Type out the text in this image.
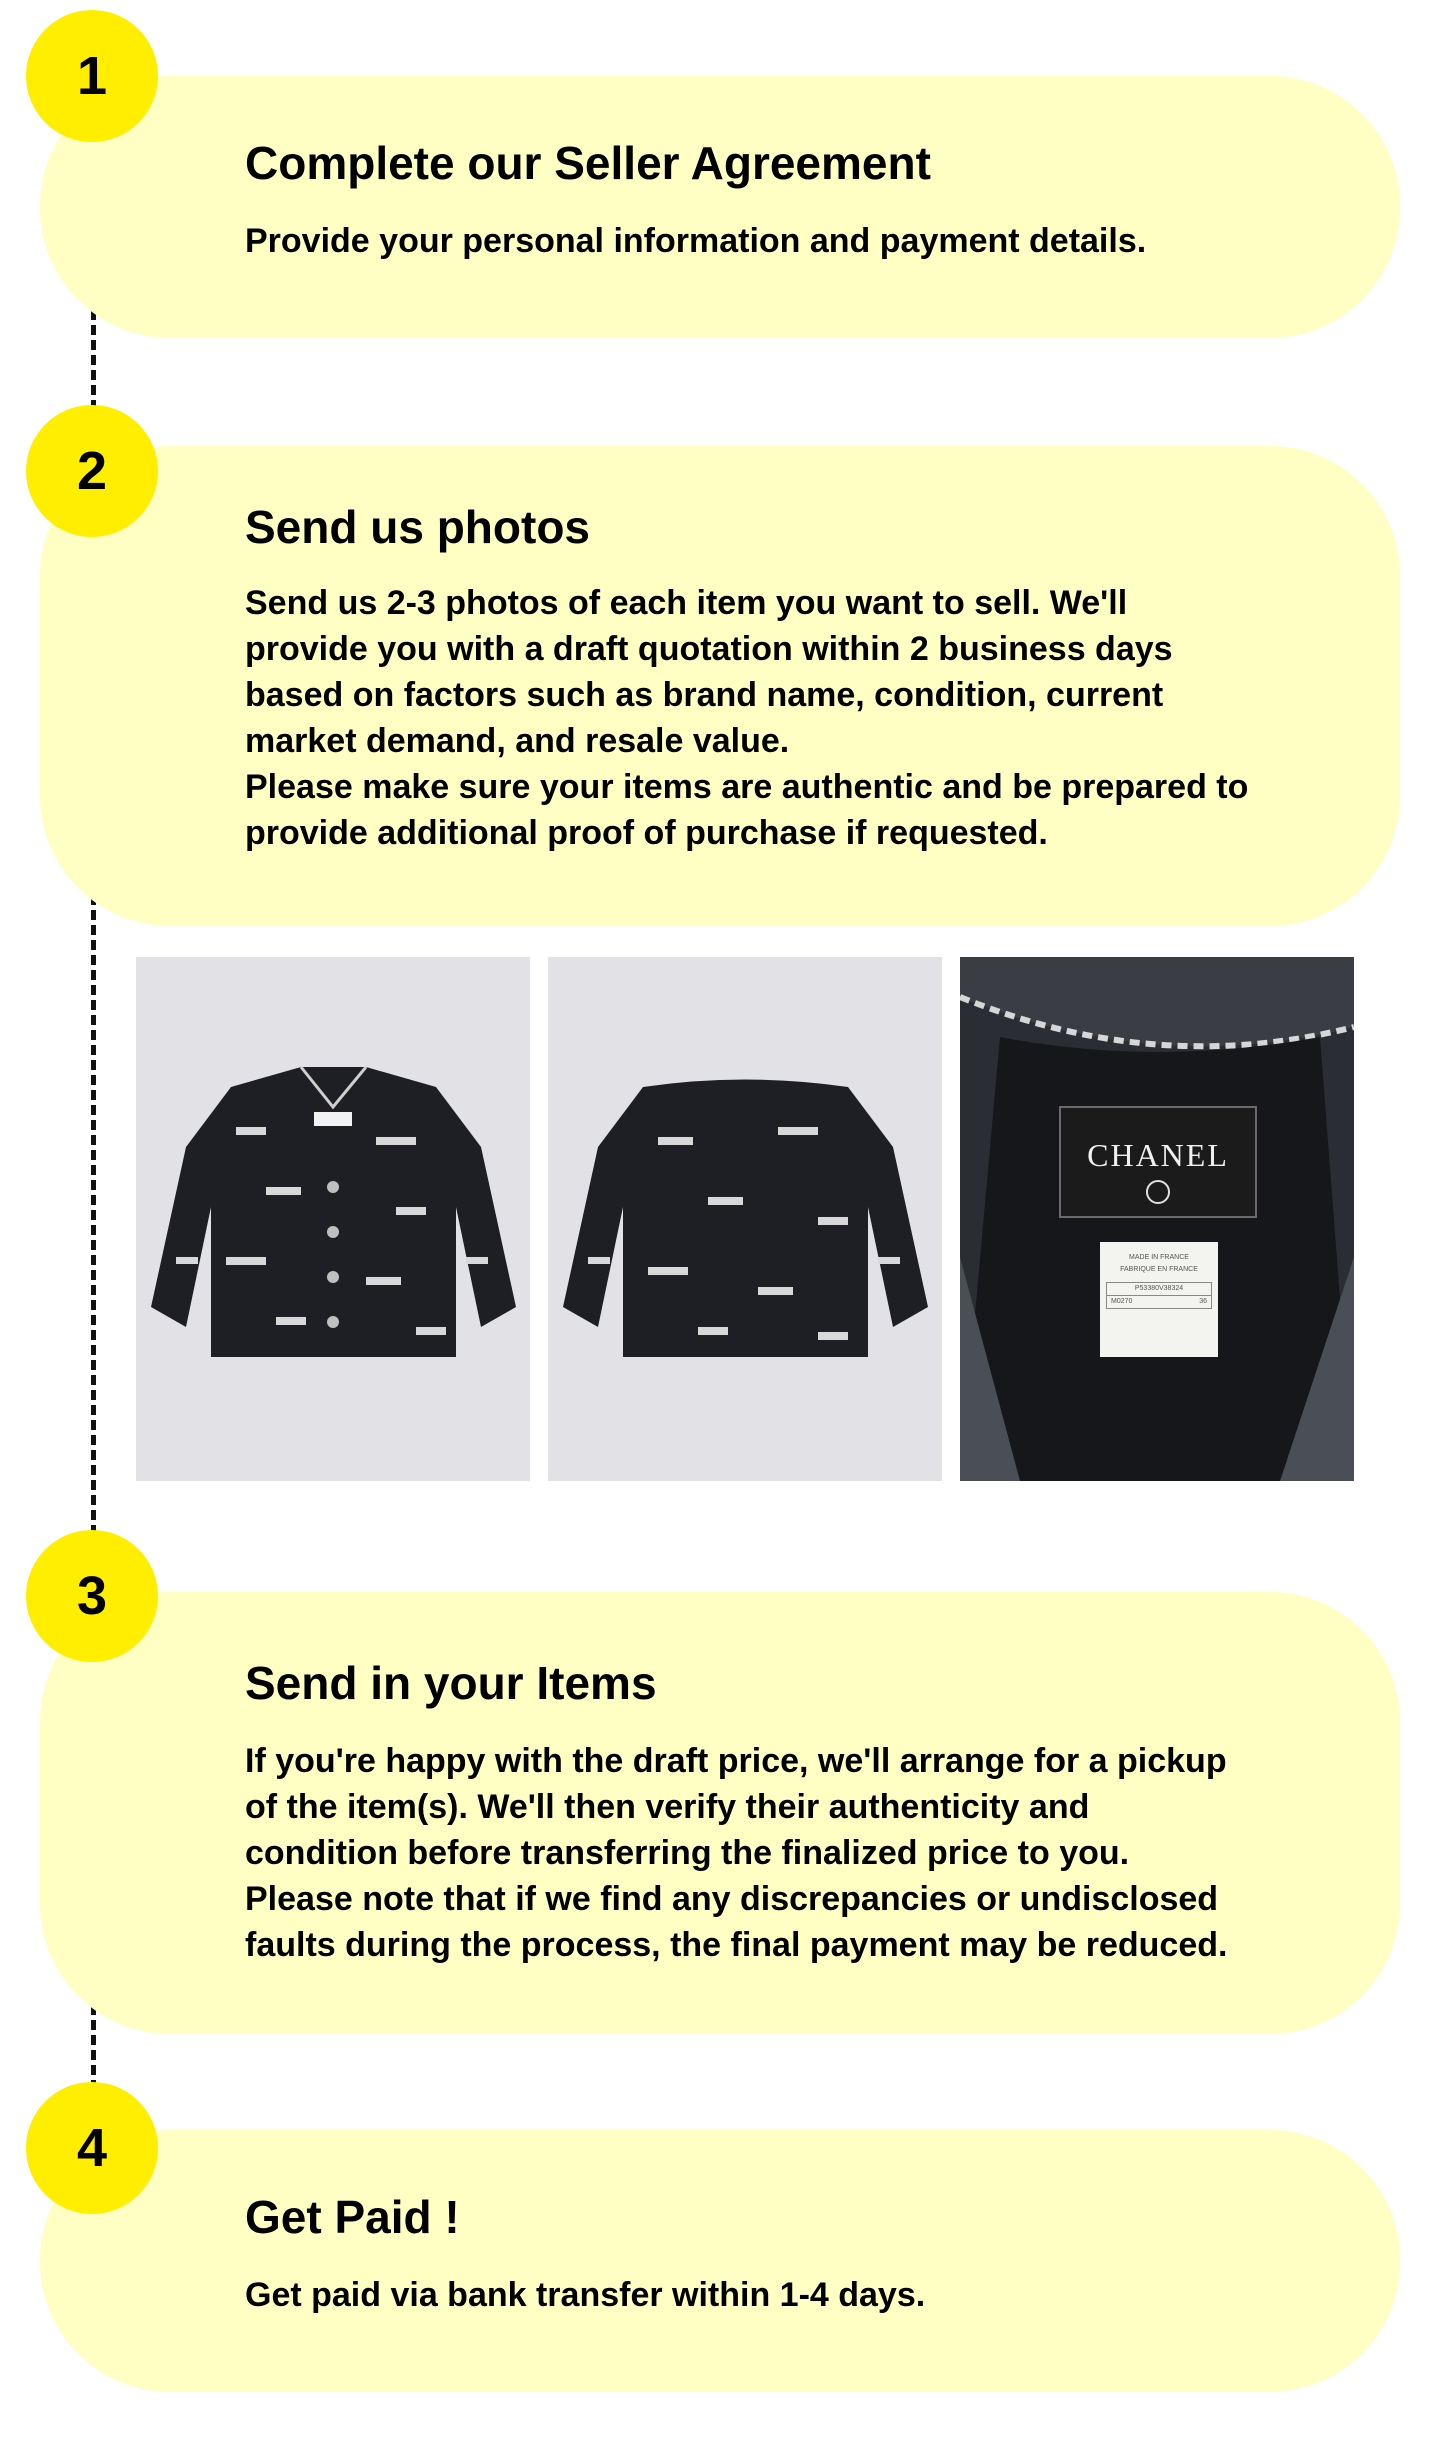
1
Complete our Seller Agreement

Provide your personal information and payment details.

2
Send us photos
Send us 2-3 photos of each item you want to sell. We'll
provide you with a draft quotation within 2 business days
based on factors such as brand name, condition, current
market demand, and resale value.
Please make sure your items are authentic and be prepared to
provide additional proof of purchase if requested.
CHANEL
MADE IN FRANCE
FABRIQUE EN FRANCE
P53380V38324
M0270	36
3
Send in your Items
If you're happy with the draft price, we'll arrange for a pickup
of the item(s). We'll then verify their authenticity and
condition before transferring the finalized price to you.
Please note that if we find any discrepancies or undisclosed
faults during the process, the final payment may be reduced.
4
Get Paid !

Get paid via bank transfer within 1-4 days.
